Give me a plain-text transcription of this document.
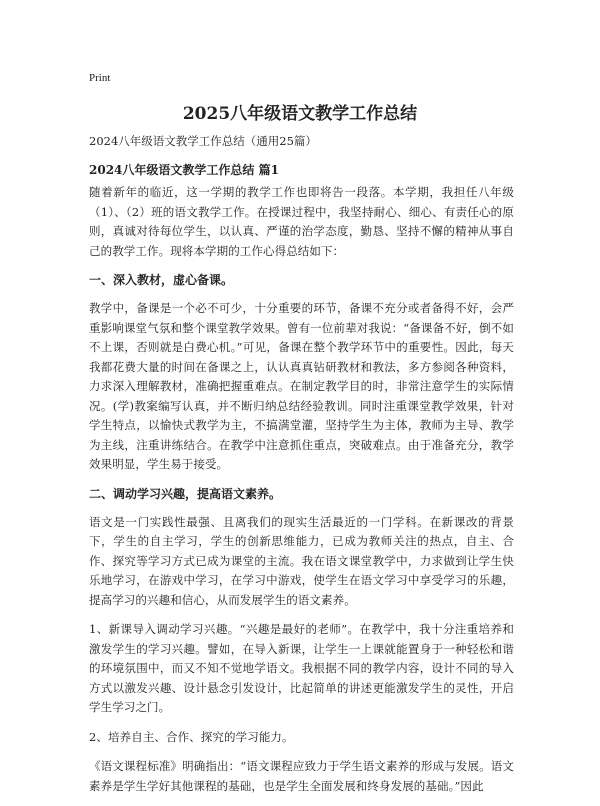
Print
2025八年级语文教学工作总结
2024八年级语文教学工作总结（通用25篇）
2024八年级语文教学工作总结 篇1

随着新年的临近，这一学期的教学工作也即将告一段落。本学期，我担任八年级（1）、（2）班的语文教学工作。在授课过程中，我坚持耐心、细心、有责任心的原则，真诚对待每位学生，以认真、严谨的治学态度，勤恳、坚持不懈的精神从事自己的教学工作。现将本学期的工作心得总结如下：

一、深入教材，虚心备课。

教学中，备课是一个必不可少，十分重要的环节，备课不充分或者备得不好，会严重影响课堂气氛和整个课堂教学效果。曾有一位前辈对我说：“备课备不好，倒不如不上课，否则就是白费心机。”可见，备课在整个教学环节中的重要性。因此，每天我都花费大量的时间在备课之上，认认真真钻研教材和教法，多方参阅各种资料，力求深入理解教材，准确把握重难点。在制定教学目的时，非常注意学生的实际情况。(学)教案编写认真，并不断归纳总结经验教训。同时注重课堂教学效果，针对学生特点，以愉快式教学为主，不搞满堂灌，坚持学生为主体，教师为主导、教学为主线，注重讲练结合。在教学中注意抓住重点，突破难点。由于准备充分，教学效果明显，学生易于接受。

二、调动学习兴趣，提高语文素养。

语文是一门实践性最强、且离我们的现实生活最近的一门学科。在新课改的背景下，学生的自主学习，学生的创新思维能力，已成为教师关注的热点，自主、合作、探究等学习方式已成为课堂的主流。我在语文课堂教学中，力求做到让学生快乐地学习，在游戏中学习，在学习中游戏，使学生在语文学习中享受学习的乐趣，提高学习的兴趣和信心，从而发展学生的语文素养。

1、新课导入调动学习兴趣。“兴趣是最好的老师”。在教学中，我十分注重培养和激发学生的学习兴趣。譬如，在导入新课，让学生一上课就能置身于一种轻松和谐的环境氛围中，而又不知不觉地学语文。我根据不同的教学内容，设计不同的导入方式以激发兴趣、设计悬念引发设计，比起简单的讲述更能激发学生的灵性，开启学生学习之门。

2、培养自主、合作、探究的学习能力。

《语文课程标准》明确指出：“语文课程应致力于学生语文素养的形成与发展。语文素养是学生学好其他课程的基础，也是学生全面发展和终身发展的基础。”因此
